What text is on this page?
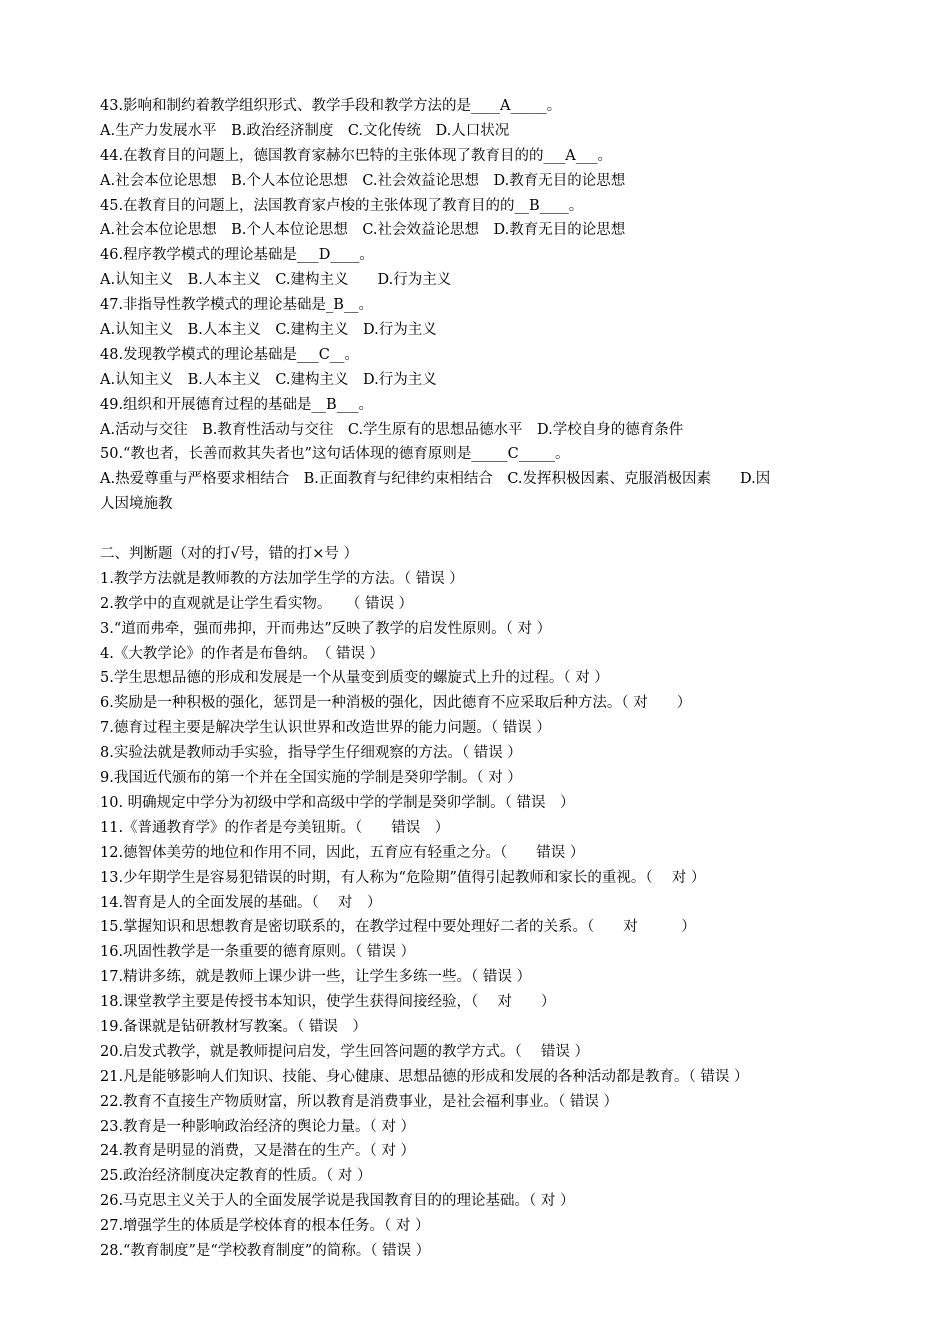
43.影响和制约着教学组织形式、教学手段和教学方法的是____A_____。
A.生产力发展水平　B.政治经济制度　C.文化传统　D.人口状况
44.在教育目的问题上，德国教育家赫尔巴特的主张体现了教育目的的___A___。
A.社会本位论思想　B.个人本位论思想　C.社会效益论思想　D.教育无目的论思想
45.在教育目的问题上，法国教育家卢梭的主张体现了教育目的的__B____。
A.社会本位论思想　B.个人本位论思想　C.社会效益论思想　D.教育无目的论思想
46.程序教学模式的理论基础是___D____。
A.认知主义　B.人本主义　C.建构主义　　D.行为主义
47.非指导性教学模式的理论基础是_B__。
A.认知主义　B.人本主义　C.建构主义　D.行为主义
48.发现教学模式的理论基础是___C__。
A.认知主义　B.人本主义　C.建构主义　D.行为主义
49.组织和开展德育过程的基础是__B___。
A.活动与交往　B.教育性活动与交往　C.学生原有的思想品德水平　D.学校自身的德育条件
50.“教也者，长善而救其失者也”这句话体现的德育原则是_____C_____。
A.热爱尊重与严格要求相结合　B.正面教育与纪律约束相结合　C.发挥积极因素、克服消极因素　　D.因
人因境施教
二、判断题（对的打√号，错的打×号 ）
1.教学方法就是教师教的方法加学生学的方法。（ 错误 ）
2.教学中的直观就是让学生看实物。　　（ 错误 ）
3.“道而弗牵，强而弗抑，开而弗达”反映了教学的启发性原则。（ 对 ）
4.《大教学论》的作者是布鲁纳。　（ 错误 ）
5.学生思想品德的形成和发展是一个从量变到质变的螺旋式上升的过程。（ 对 ）
6.奖励是一种积极的强化，惩罚是一种消极的强化，因此德育不应采取后种方法。（ 对　　）
7.德育过程主要是解决学生认识世界和改造世界的能力问题。（ 错误 ）
8.实验法就是教师动手实验，指导学生仔细观察的方法。（ 错误 ）
9.我国近代颁布的第一个并在全国实施的学制是癸卯学制。（ 对 ）
10. 明确规定中学分为初级中学和高级中学的学制是癸卯学制。（ 错误　）
11.《普通教育学》的作者是夸美钮斯。（　　错误　）
12.德智体美劳的地位和作用不同，因此，五育应有轻重之分。（　　错误 ）
13.少年期学生是容易犯错误的时期，有人称为“危险期”值得引起教师和家长的重视。（　 对 ）
14.智育是人的全面发展的基础。（　 对　）
15.掌握知识和思想教育是密切联系的，在教学过程中要处理好二者的关系。（　　对　　　）
16.巩固性教学是一条重要的德育原则。（ 错误 ）
17.精讲多练，就是教师上课少讲一些，让学生多练一些。（ 错误 ）
18.课堂教学主要是传授书本知识，使学生获得间接经验，（　 对　　）
19.备课就是钻研教材写教案。（ 错误　）
20.启发式教学，就是教师提问启发，学生回答问题的教学方式。（　 错误 ）
21.凡是能够影响人们知识、技能、身心健康、思想品德的形成和发展的各种活动都是教育。（ 错误 ）
22.教育不直接生产物质财富，所以教育是消费事业，是社会福利事业。（ 错误 ）
23.教育是一种影响政治经济的舆论力量。（ 对 ）
24.教育是明显的消费，又是潜在的生产。（ 对 ）
25.政治经济制度决定教育的性质。（ 对 ）
26.马克思主义关于人的全面发展学说是我国教育目的的理论基础。（ 对 ）
27.增强学生的体质是学校体育的根本任务。（ 对 ）
28.“教育制度”是“学校教育制度”的简称。（ 错误 ）
